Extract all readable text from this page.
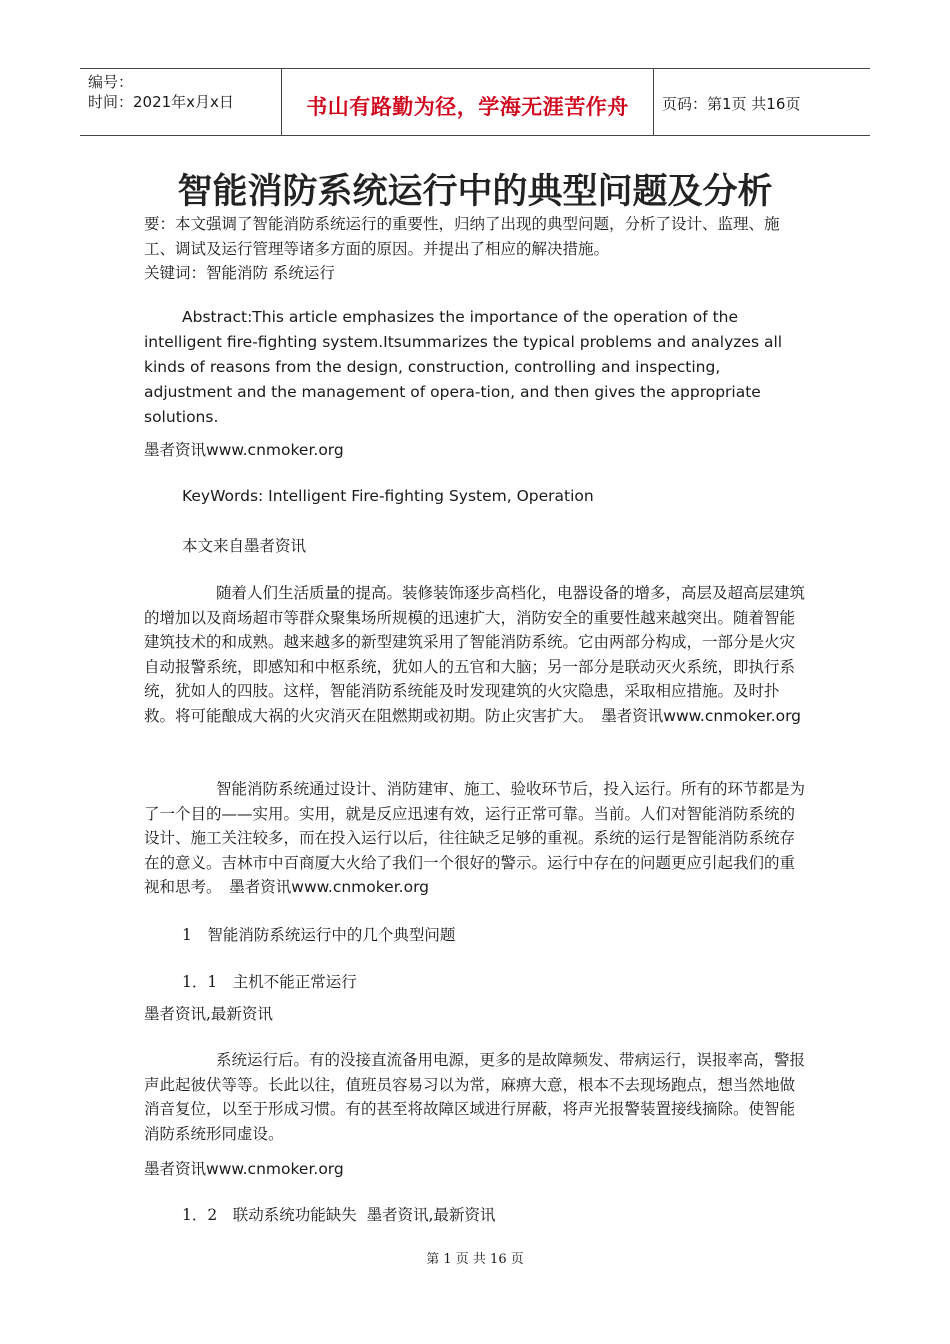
编号：
时间：2021年x月x日	书山有路勤为径，学海无涯苦作舟	页码：第1页 共16页
智能消防系统运行中的典型问题及分析
要：本文强调了智能消防系统运行的重要性，归纳了出现的典型问题，分析了设计、监理、施工、调试及运行管理等诸多方面的原因。并提出了相应的解决措施。
关键词：智能消防 系统运行
Abstract:This article emphasizes the importance of the operation of the intelligent fire-fighting system.Itsummarizes the typical problems and analyzes all kinds of reasons from the design, construction, controlling and inspecting, adjustment and the management of opera-tion, and then gives the appropriate solutions.
墨者资讯www.cnmoker.org
KeyWords: Intelligent Fire-fighting System, Operation
本文来自墨者资讯
随着人们生活质量的提高。装修装饰逐步高档化，电器设备的增多，高层及超高层建筑的增加以及商场超市等群众聚集场所规模的迅速扩大，消防安全的重要性越来越突出。随着智能建筑技术的和成熟。越来越多的新型建筑采用了智能消防系统。它由两部分构成，一部分是火灾自动报警系统，即感知和中枢系统，犹如人的五官和大脑；另一部分是联动灭火系统，即执行系统，犹如人的四肢。这样，智能消防系统能及时发现建筑的火灾隐患，采取相应措施。及时扑救。将可能酿成大祸的火灾消灭在阻燃期或初期。防止灾害扩大。　 墨者资讯www.cnmoker.org
智能消防系统通过设计、消防建审、施工、验收环节后，投入运行。所有的环节都是为了一个目的——实用。实用，就是反应迅速有效，运行正常可靠。当前。人们对智能消防系统的设计、施工关注较多，而在投入运行以后，往往缺乏足够的重视。系统的运行是智能消防系统存在的意义。吉林市中百商厦大火给了我们一个很好的警示。运行中存在的问题更应引起我们的重视和思考。　 墨者资讯www.cnmoker.org
1　智能消防系统运行中的几个典型问题
1．1　主机不能正常运行
墨者资讯,最新资讯
系统运行后。有的没接直流备用电源，更多的是故障频发、带病运行，误报率高，警报声此起彼伏等等。长此以往，值班员容易习以为常，麻痹大意，根本不去现场跑点，想当然地做消音复位，以至于形成习惯。有的甚至将故障区域进行屏蔽，将声光报警装置接线摘除。使智能消防系统形同虚设。
墨者资讯www.cnmoker.org
1．2　联动系统功能缺失 墨者资讯,最新资讯
第 1 页 共 16 页
